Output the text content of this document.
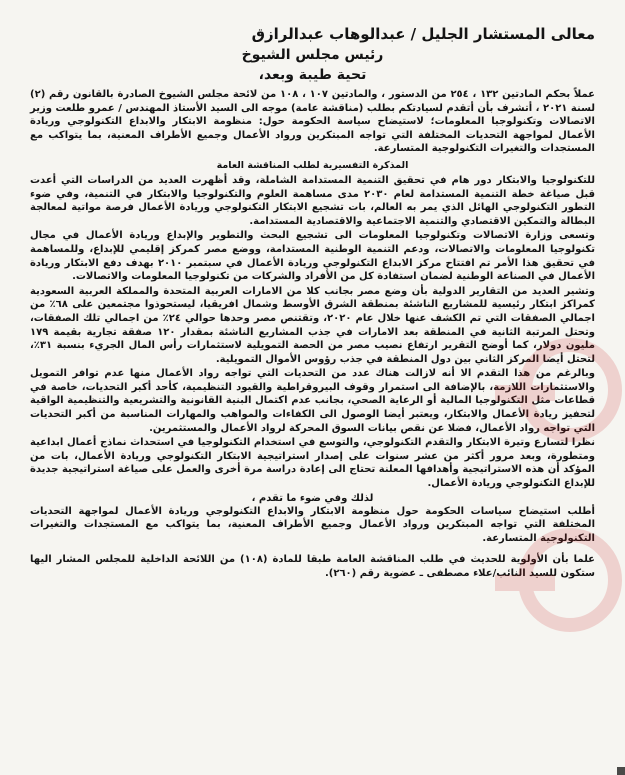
معالى المستشار الجليل / عبدالوهاب عبدالرازق
رئيس مجلس الشيوخ
تحية طيبة وبعد،

عملاً بحكم المادتين ١٣٢ ، ٢٥٤ من الدستور ، والمادتين ١٠٧ ، ١٠٨ من لائحة مجلس الشيوخ الصادرة بالقانون رقم (٢) لسنة ٢٠٢١ ، أتشرف بأن أتقدم لسيادتكم بطلب (مناقشة عامة) موجه الى السيد الأستاذ المهندس / عمرو طلعت وزير الاتصالات وتكنولوجيا المعلومات؛ لاستيضاح سياسة الحكومة حول: منظومة الابتكار والابداع التكنولوجي وريادة الأعمال لمواجهة التحديات المختلفة التي تواجه المبتكرين ورواد الأعمال وجميع الأطراف المعنية، بما يتواكب مع المستجدات والتغيرات التكنولوجية المتسارعة.

المذكرة التفسيرية لطلب المناقشة العامة

للتكنولوجيا والابتكار دور هام في تحقيق التنمية المستدامة الشاملة، وقد أظهرت العديد من الدراسات التي أعدت قبل صياغة خطة التنمية المستدامة لعام ٢٠٣٠ مدى مساهمة العلوم والتكنولوجيا والابتكار في التنمية، وفي ضوء التطور التكنولوجي الهائل الذي يمر به العالم، بات تشجيع الابتكار التكنولوجي وريادة الأعمال فرصة مواتية لمعالجة البطالة والتمكين الاقتصادي والتنمية الاجتماعية والاقتصادية المستدامة.

وتسعى وزارة الاتصالات وتكنولوجيا المعلومات الى تشجيع البحث والتطوير والإبداع وريادة الأعمال في مجال تكنولوجيا المعلومات والاتصالات، ودعم التنمية الوطنية المستدامة، ووضع مصر كمركز إقليمي للإبداع، وللمساهمة في تحقيق هذا الأمر تم افتتاح مركز الابداع التكنولوجي وريادة الأعمال في سبتمبر ٢٠١٠ بهدف دفع الابتكار وريادة الأعمال في الصناعة الوطنية لضمان استفادة كل من الأفراد والشركات من تكنولوجيا المعلومات والاتصالات.

وتشير العديد من التقارير الدولية بأن وضع مصر بجانب كلا من الامارات العربية المتحدة والمملكة العربية السعودية كمراكز ابتكار رئيسية للمشاريع الناشئة بمنطقة الشرق الأوسط وشمال افريقيا، ليستحوذوا مجتمعين على ٦٨٪ من اجمالي الصفقات التي تم الكشف عنها خلال عام ٢٠٢٠، وتقتنص مصر وحدها حوالي ٢٤٪ من اجمالي تلك الصفقات، وتحتل المرتبة الثانية في المنطقة بعد الامارات في جذب المشاريع الناشئة بمقدار ١٢٠ صفقة تجارية بقيمة ١٧٩ مليون دولار، كما أوضح التقرير ارتفاع نصيب مصر من الحصة التمويلية لاستثمارات رأس المال الجريء بنسبة ٣١٪، لتحتل أيضا المركز الثاني بين دول المنطقة في جذب رؤوس الأموال التمويلية.

وبالرغم من هذا التقدم الا أنه لازالت هناك عدد من التحديات التي تواجه رواد الأعمال منها عدم توافر التمويل والاستثمارات اللازمة، بالإضافة الى استمرار وقوف البيروقراطية والقيود التنظيمية، كأحد أكبر التحديات، خاصة في قطاعات مثل التكنولوجيا المالية أو الرعاية الصحي، بجانب عدم اكتمال البنية القانونية والتشريعية والتنظيمية الواقية لتحفيز ريادة الأعمال والابتكار، ويعتبر أيضا الوصول الى الكفاءات والمواهب والمهارات المناسبة من أكبر التحديات التي تواجه رواد الأعمال، فضلا عن نقص بيانات السوق المحركة لرواد الأعمال والمستثمرين.

نظرا لتسارع وتيرة الابتكار والتقدم التكنولوجي، والتوسع في استخدام التكنولوجيا في استحداث نماذج أعمال ابداعية ومتطورة، وبعد مرور أكثر من عشر سنوات على إصدار استراتيجية الابتكار التكنولوجي وريادة الأعمال، بات من المؤكد أن هذه الاستراتيجية وأهدافها المعلنة تحتاج الى إعادة دراسة مرة أخرى والعمل على صياغة استراتيجية جديدة للإبداع التكنولوجي وريادة الأعمال.

لذلك وفي ضوء ما تقدم ،

أطلب استيضاح سياسات الحكومة حول منظومة الابتكار والابداع التكنولوجي وريادة الأعمال لمواجهة التحديات المختلفة التي تواجه المبتكرين ورواد الأعمال وجميع الأطراف المعنية، بما يتواكب مع المستجدات والتغيرات التكنولوجية المتسارعة.

علما بأن الأولوية للحديث في طلب المناقشة العامة طبقا للمادة (١٠٨) من اللائحة الداخلية للمجلس المشار اليها ستكون للسيد النائب/علاء مصطفى ـ عضوية رقم (٢٦٠).
